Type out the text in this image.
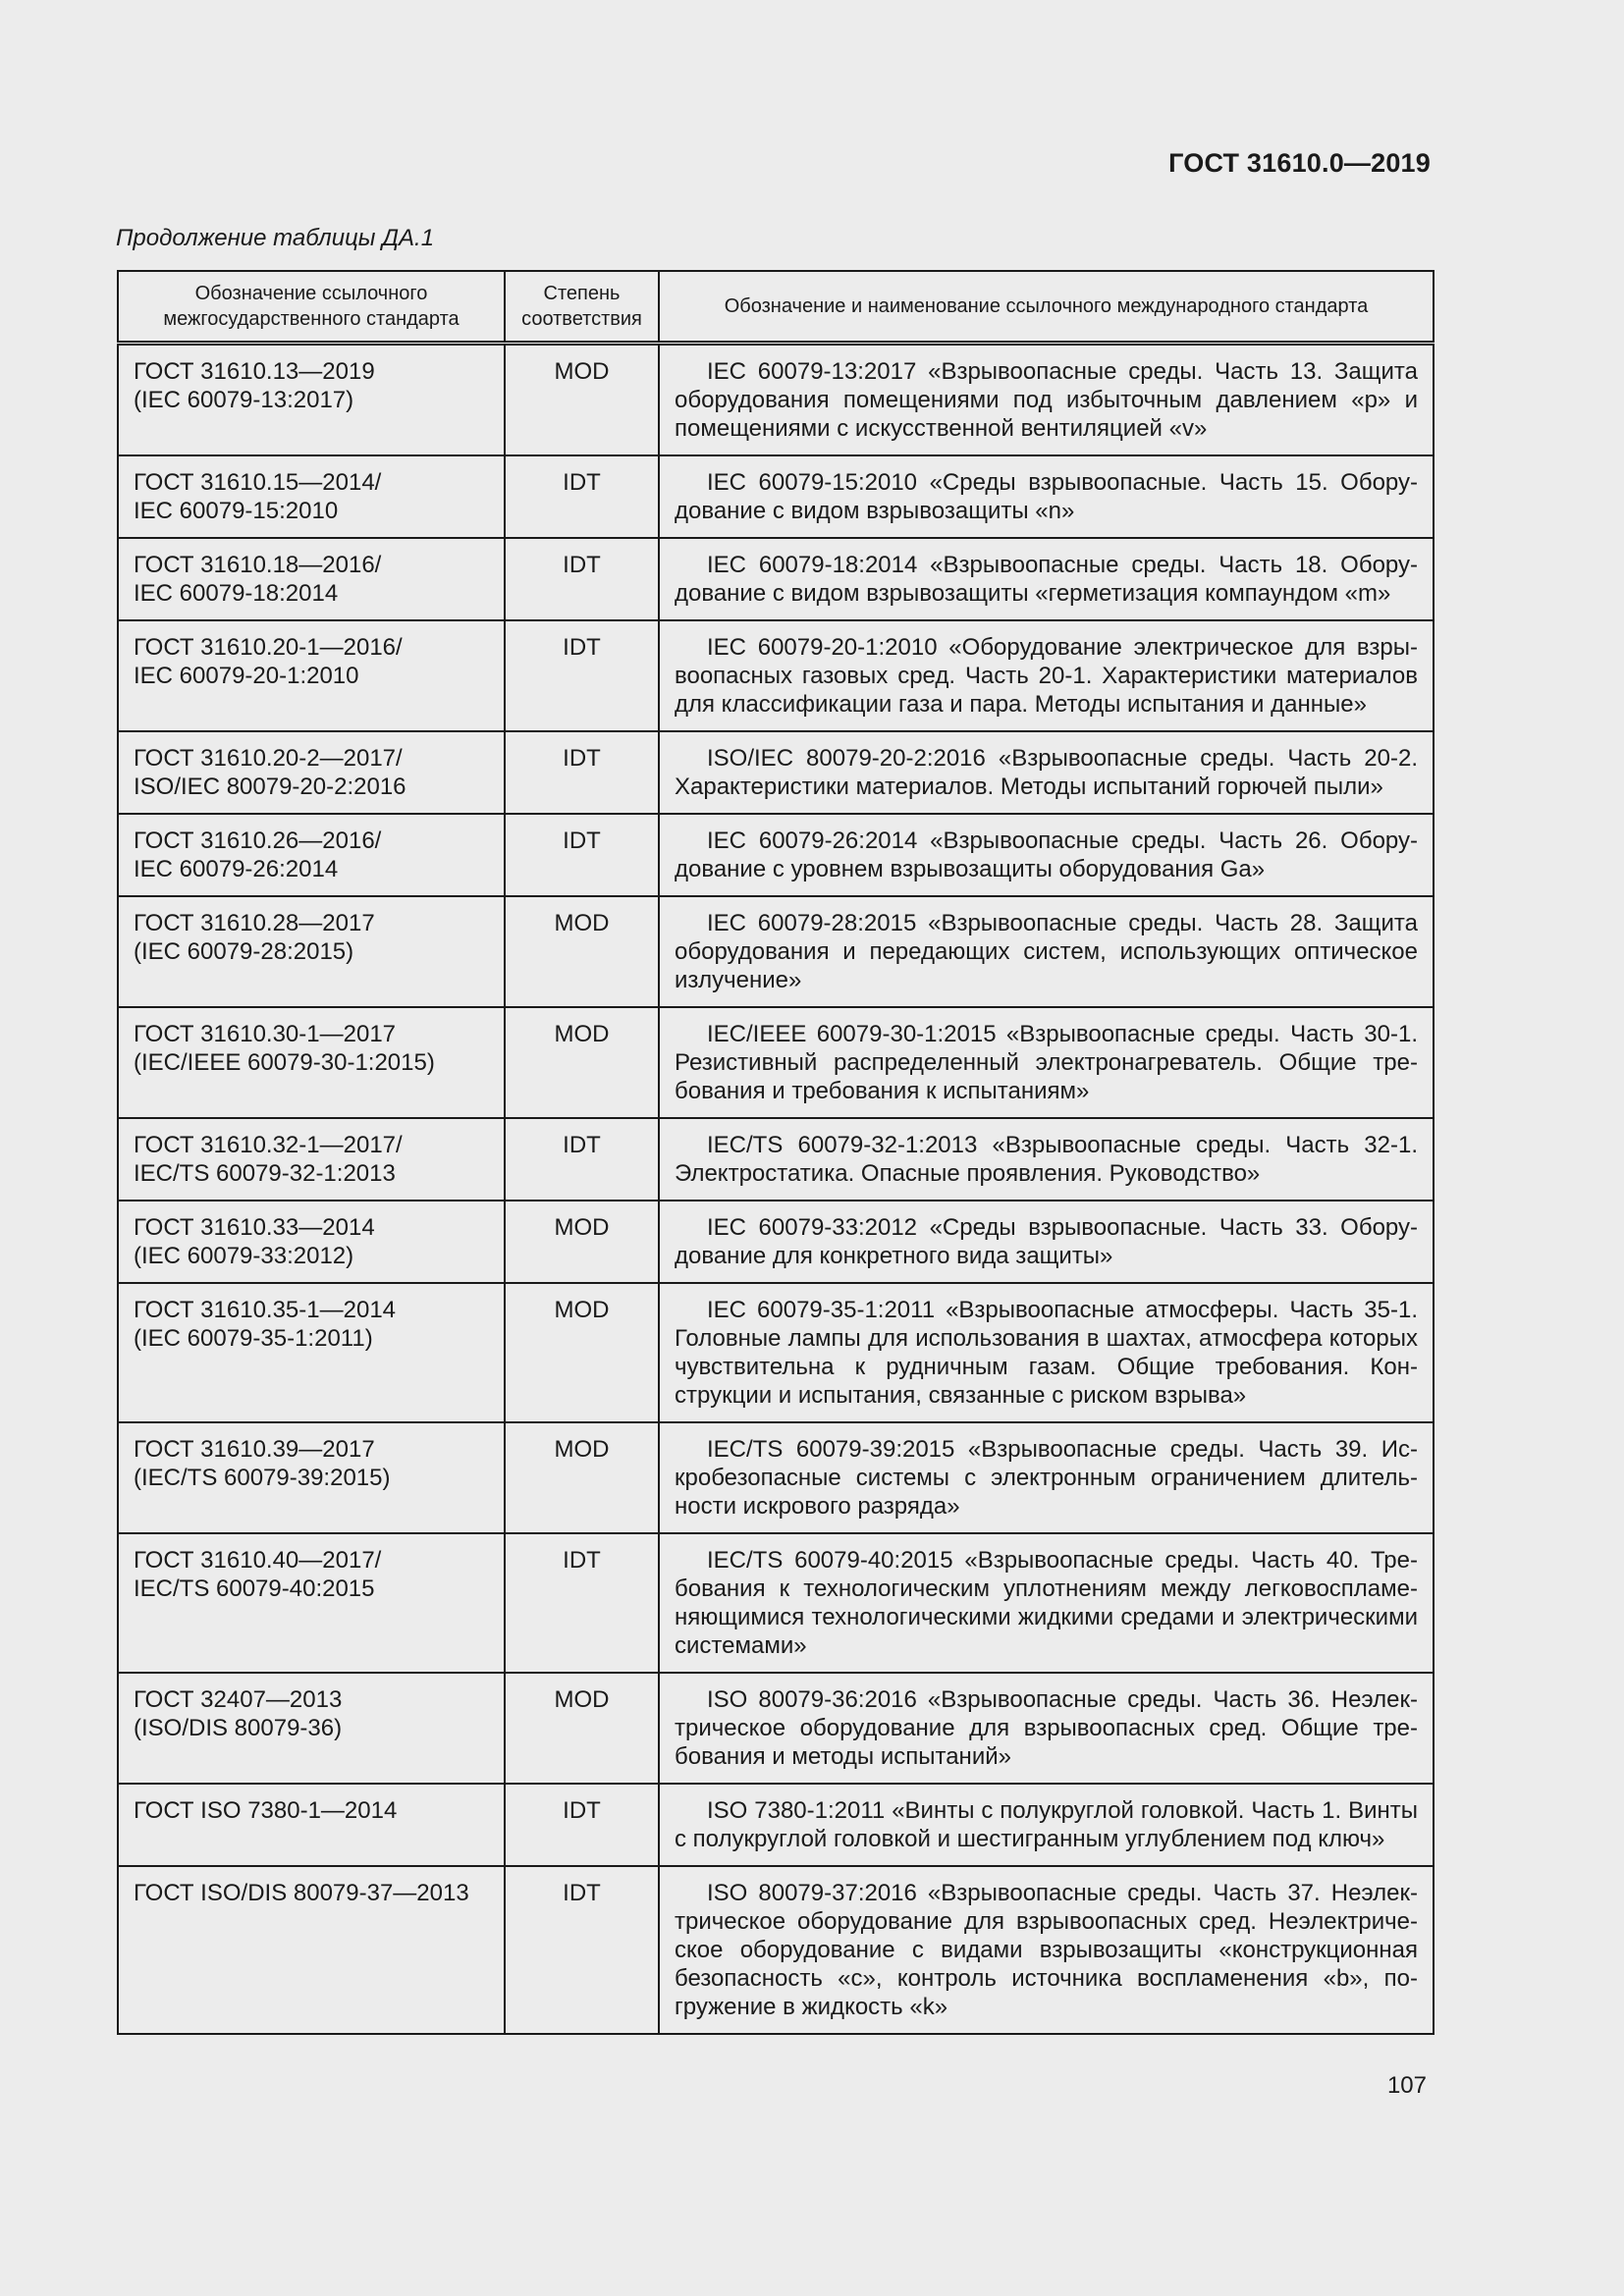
ГОСТ 31610.0—2019
Продолжение таблицы ДА.1
Обозначение ссылочного межгосударственного стандарта	Степень соответствия	Обозначение и наименование ссылочного международного стандарта
ГОСТ 31610.13—2019
(IEC 60079-13:2017)	MOD	IEC 60079-13:2017 «Взрывоопасные среды. Часть 13. Защита оборудования помещениями под избыточным давлением «p» и помещениями с искусственной вентиляцией «v»
ГОСТ 31610.15—2014/
IEC 60079-15:2010	IDT	IEC 60079-15:2010 «Среды взрывоопасные. Часть 15. Оборудование с видом взрывозащиты «n»
ГОСТ 31610.18—2016/
IEC 60079-18:2014	IDT	IEC 60079-18:2014 «Взрывоопасные среды. Часть 18. Оборудование с видом взрывозащиты «герметизация компаундом «m»
ГОСТ 31610.20-1—2016/
IEC 60079-20-1:2010	IDT	IEC 60079-20-1:2010 «Оборудование электрическое для взрывоопасных газовых сред. Часть 20-1. Характеристики материалов для классификации газа и пара. Методы испытания и данные»
ГОСТ 31610.20-2—2017/
ISO/IEC 80079-20-2:2016	IDT	ISO/IEC 80079-20-2:2016 «Взрывоопасные среды. Часть 20-2. Характеристики материалов. Методы испытаний горючей пыли»
ГОСТ 31610.26—2016/
IEC 60079-26:2014	IDT	IEC 60079-26:2014 «Взрывоопасные среды. Часть 26. Оборудование с уровнем взрывозащиты оборудования Ga»
ГОСТ 31610.28—2017
(IEC 60079-28:2015)	MOD	IEC 60079-28:2015 «Взрывоопасные среды. Часть 28. Защита оборудования и передающих систем, использующих оптическое излучение»
ГОСТ 31610.30-1—2017
(IEC/IEEE 60079-30-1:2015)	MOD	IEC/IEEE 60079-30-1:2015 «Взрывоопасные среды. Часть 30-1. Резистивный распределенный электронагреватель. Общие требования и требования к испытаниям»
ГОСТ 31610.32-1—2017/
IEC/TS 60079-32-1:2013	IDT	IEC/TS 60079-32-1:2013 «Взрывоопасные среды. Часть 32-1. Электростатика. Опасные проявления. Руководство»
ГОСТ 31610.33—2014
(IEC 60079-33:2012)	MOD	IEC 60079-33:2012 «Среды взрывоопасные. Часть 33. Оборудование для конкретного вида защиты»
ГОСТ 31610.35-1—2014
(IEC 60079-35-1:2011)	MOD	IEC 60079-35-1:2011 «Взрывоопасные атмосферы. Часть 35-1. Головные лампы для использования в шахтах, атмосфера которых чувствительна к рудничным газам. Общие требования. Конструкции и испытания, связанные с риском взрыва»
ГОСТ 31610.39—2017
(IEC/TS 60079-39:2015)	MOD	IEC/TS 60079-39:2015 «Взрывоопасные среды. Часть 39. Искробезопасные системы с электронным ограничением длительности искрового разряда»
ГОСТ 31610.40—2017/
IEC/TS 60079-40:2015	IDT	IEC/TS 60079-40:2015 «Взрывоопасные среды. Часть 40. Требования к технологическим уплотнениям между легковоспламеняющимися технологическими жидкими средами и электрическими системами»
ГОСТ 32407—2013
(ISO/DIS 80079-36)	MOD	ISO 80079-36:2016 «Взрывоопасные среды. Часть 36. Неэлектрическое оборудование для взрывоопасных сред. Общие требования и методы испытаний»
ГОСТ ISO 7380-1—2014	IDT	ISO 7380-1:2011 «Винты с полукруглой головкой. Часть 1. Винты с полукруглой головкой и шестигранным углублением под ключ»
ГОСТ ISO/DIS 80079-37—2013	IDT	ISO 80079-37:2016 «Взрывоопасные среды. Часть 37. Неэлектрическое оборудование для взрывоопасных сред. Неэлектрическое оборудование с видами взрывозащиты «конструкционная безопасность «c», контроль источника воспламенения «b», погружение в жидкость «k»
107
